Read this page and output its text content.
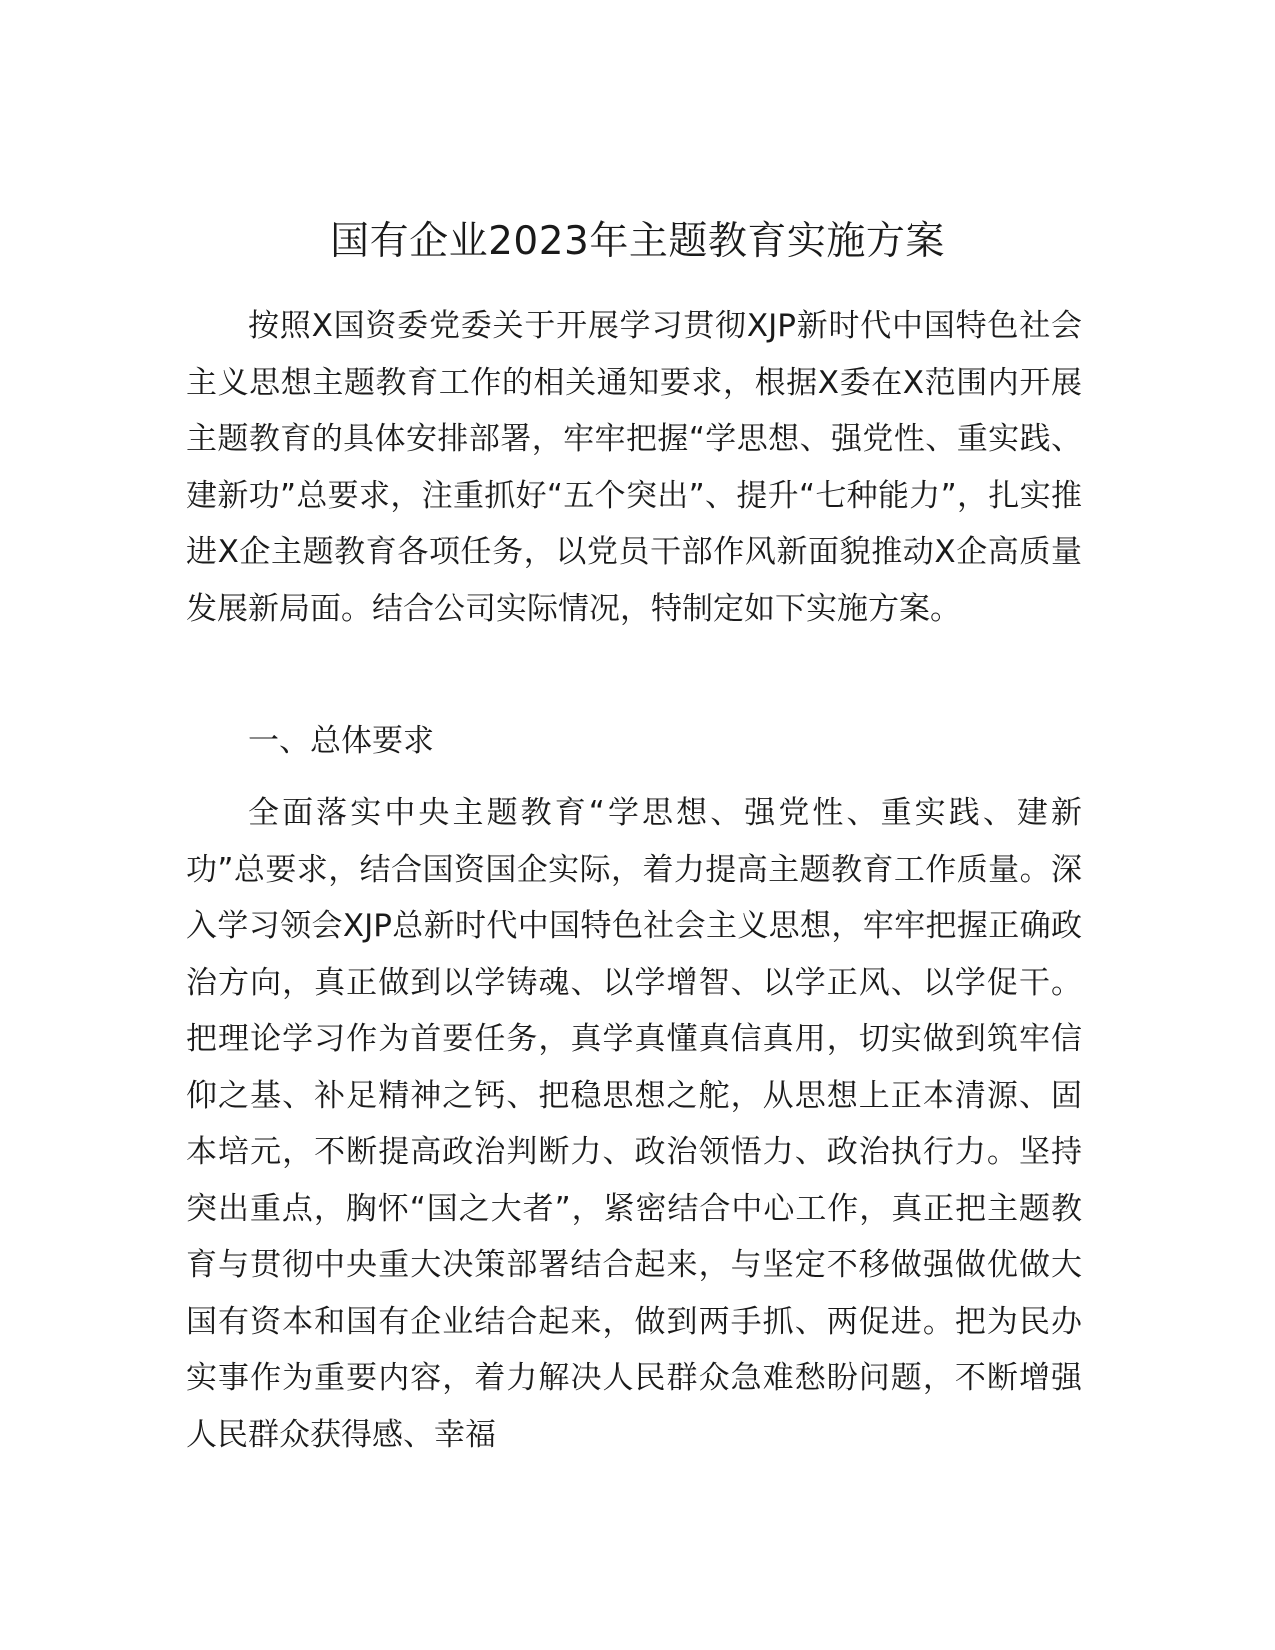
国有企业2023年主题教育实施方案

按照X国资委党委关于开展学习贯彻XJP新时代中国特色社会主义思想主题教育工作的相关通知要求，根据X委在X范围内开展主题教育的具体安排部署，牢牢把握“学思想、强党性、重实践、建新功”总要求，注重抓好“五个突出”、提升“七种能力”，扎实推进X企主题教育各项任务，以党员干部作风新面貌推动X企高质量发展新局面。结合公司实际情况，特制定如下实施方案。

一、总体要求

全面落实中央主题教育“学思想、强党性、重实践、建新功”总要求，结合国资国企实际，着力提高主题教育工作质量。深入学习领会XJP总新时代中国特色社会主义思想，牢牢把握正确政治方向，真正做到以学铸魂、以学增智、以学正风、以学促干。把理论学习作为首要任务，真学真懂真信真用，切实做到筑牢信仰之基、补足精神之钙、把稳思想之舵，从思想上正本清源、固本培元，不断提高政治判断力、政治领悟力、政治执行力。坚持突出重点，胸怀“国之大者”，紧密结合中心工作，真正把主题教育与贯彻中央重大决策部署结合起来，与坚定不移做强做优做大国有资本和国有企业结合起来，做到两手抓、两促进。把为民办实事作为重要内容，着力解决人民群众急难愁盼问题，不断增强人民群众获得感、幸福
